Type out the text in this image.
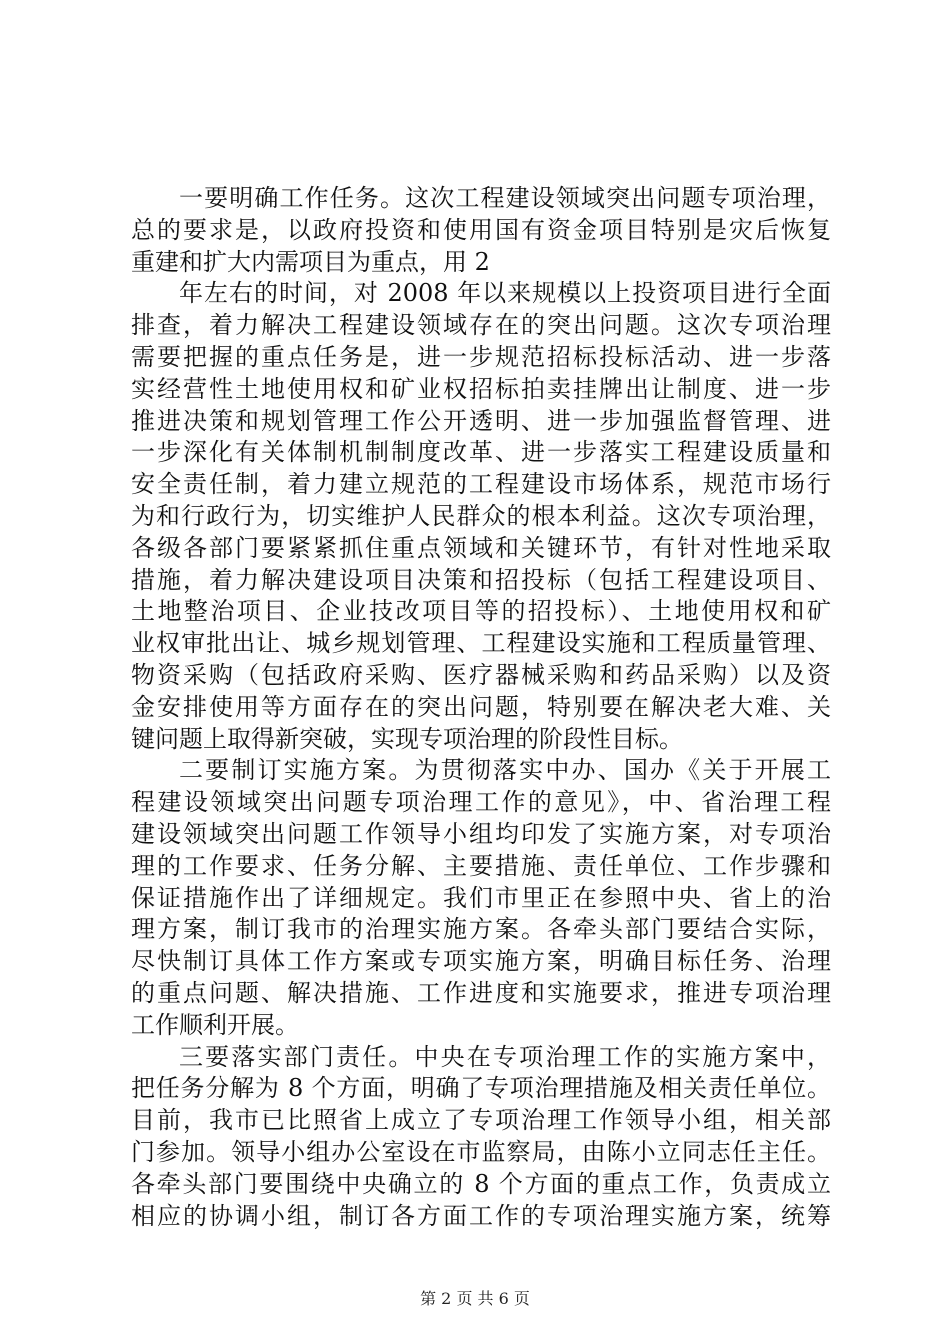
一要明确工作任务。这次工程建设领域突出问题专项治理，
总的要求是，以政府投资和使用国有资金项目特别是灾后恢复
重建和扩大内需项目为重点，用 2
年左右的时间，对 2008 年以来规模以上投资项目进行全面
排查，着力解决工程建设领域存在的突出问题。这次专项治理
需要把握的重点任务是，进一步规范招标投标活动、进一步落
实经营性土地使用权和矿业权招标拍卖挂牌出让制度、进一步
推进决策和规划管理工作公开透明、进一步加强监督管理、进
一步深化有关体制机制制度改革、进一步落实工程建设质量和
安全责任制，着力建立规范的工程建设市场体系，规范市场行
为和行政行为，切实维护人民群众的根本利益。这次专项治理，
各级各部门要紧紧抓住重点领域和关键环节，有针对性地采取
措施，着力解决建设项目决策和招投标（包括工程建设项目、
土地整治项目、企业技改项目等的招投标）、土地使用权和矿
业权审批出让、城乡规划管理、工程建设实施和工程质量管理、
物资采购（包括政府采购、医疗器械采购和药品采购）以及资
金安排使用等方面存在的突出问题，特别要在解决老大难、关
键问题上取得新突破，实现专项治理的阶段性目标。
二要制订实施方案。为贯彻落实中办、国办《关于开展工
程建设领域突出问题专项治理工作的意见》，中、省治理工程
建设领域突出问题工作领导小组均印发了实施方案，对专项治
理的工作要求、任务分解、主要措施、责任单位、工作步骤和
保证措施作出了详细规定。我们市里正在参照中央、省上的治
理方案，制订我市的治理实施方案。各牵头部门要结合实际，
尽快制订具体工作方案或专项实施方案，明确目标任务、治理
的重点问题、解决措施、工作进度和实施要求，推进专项治理
工作顺利开展。
三要落实部门责任。中央在专项治理工作的实施方案中，
把任务分解为 8 个方面，明确了专项治理措施及相关责任单位。
目前，我市已比照省上成立了专项治理工作领导小组，相关部
门参加。领导小组办公室设在市监察局，由陈小立同志任主任。
各牵头部门要围绕中央确立的 8 个方面的重点工作，负责成立
第 2 页 共 6 页
相应的协调小组，制订各方面工作的专项治理实施方案，统筹
